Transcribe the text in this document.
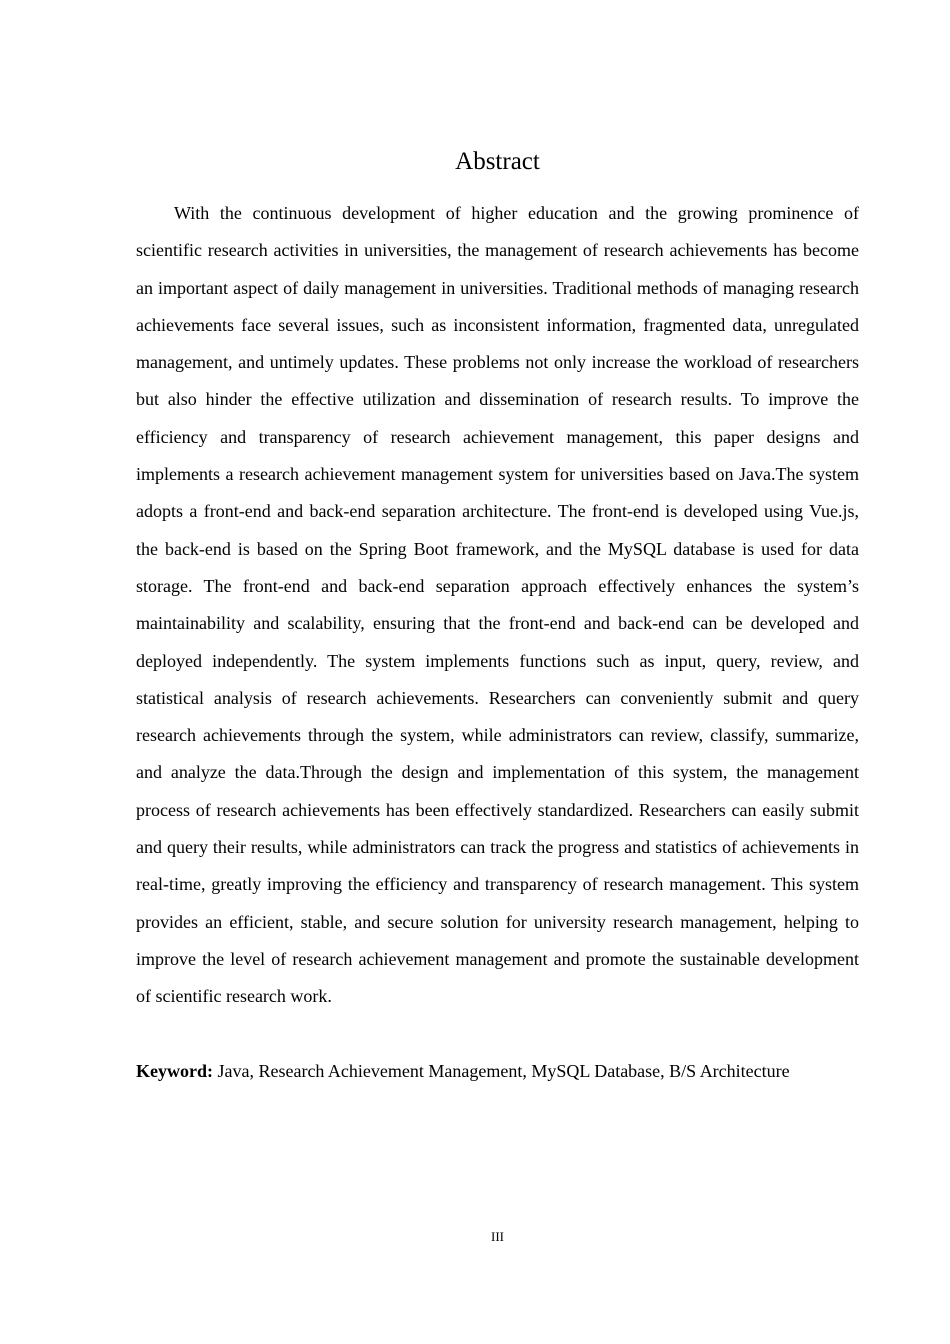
Abstract

With the continuous development of higher education and the growing prominence of scientific research activities in universities, the management of research achievements has become an important aspect of daily management in universities. Traditional methods of managing research achievements face several issues, such as inconsistent information, fragmented data, unregulated management, and untimely updates. These problems not only increase the workload of researchers but also hinder the effective utilization and dissemination of research results. To improve the efficiency and transparency of research achievement management, this paper designs and implements a research achievement management system for universities based on Java.The system adopts a front-end and back-end separation architecture. The front-end is developed using Vue.js, the back-end is based on the Spring Boot framework, and the MySQL database is used for data storage. The front-end and back-end separation approach effectively enhances the system’s maintainability and scalability, ensuring that the front-end and back-end can be developed and deployed independently. The system implements functions such as input, query, review, and statistical analysis of research achievements. Researchers can conveniently submit and query research achievements through the system, while administrators can review, classify, summarize, and analyze the data.Through the design and implementation of this system, the management process of research achievements has been effectively standardized. Researchers can easily submit and query their results, while administrators can track the progress and statistics of achievements in real-time, greatly improving the efficiency and transparency of research management. This system provides an efficient, stable, and secure solution for university research management, helping to improve the level of research achievement management and promote the sustainable development of scientific research work.

Keyword: Java, Research Achievement Management, MySQL Database, B/S Architecture

III
